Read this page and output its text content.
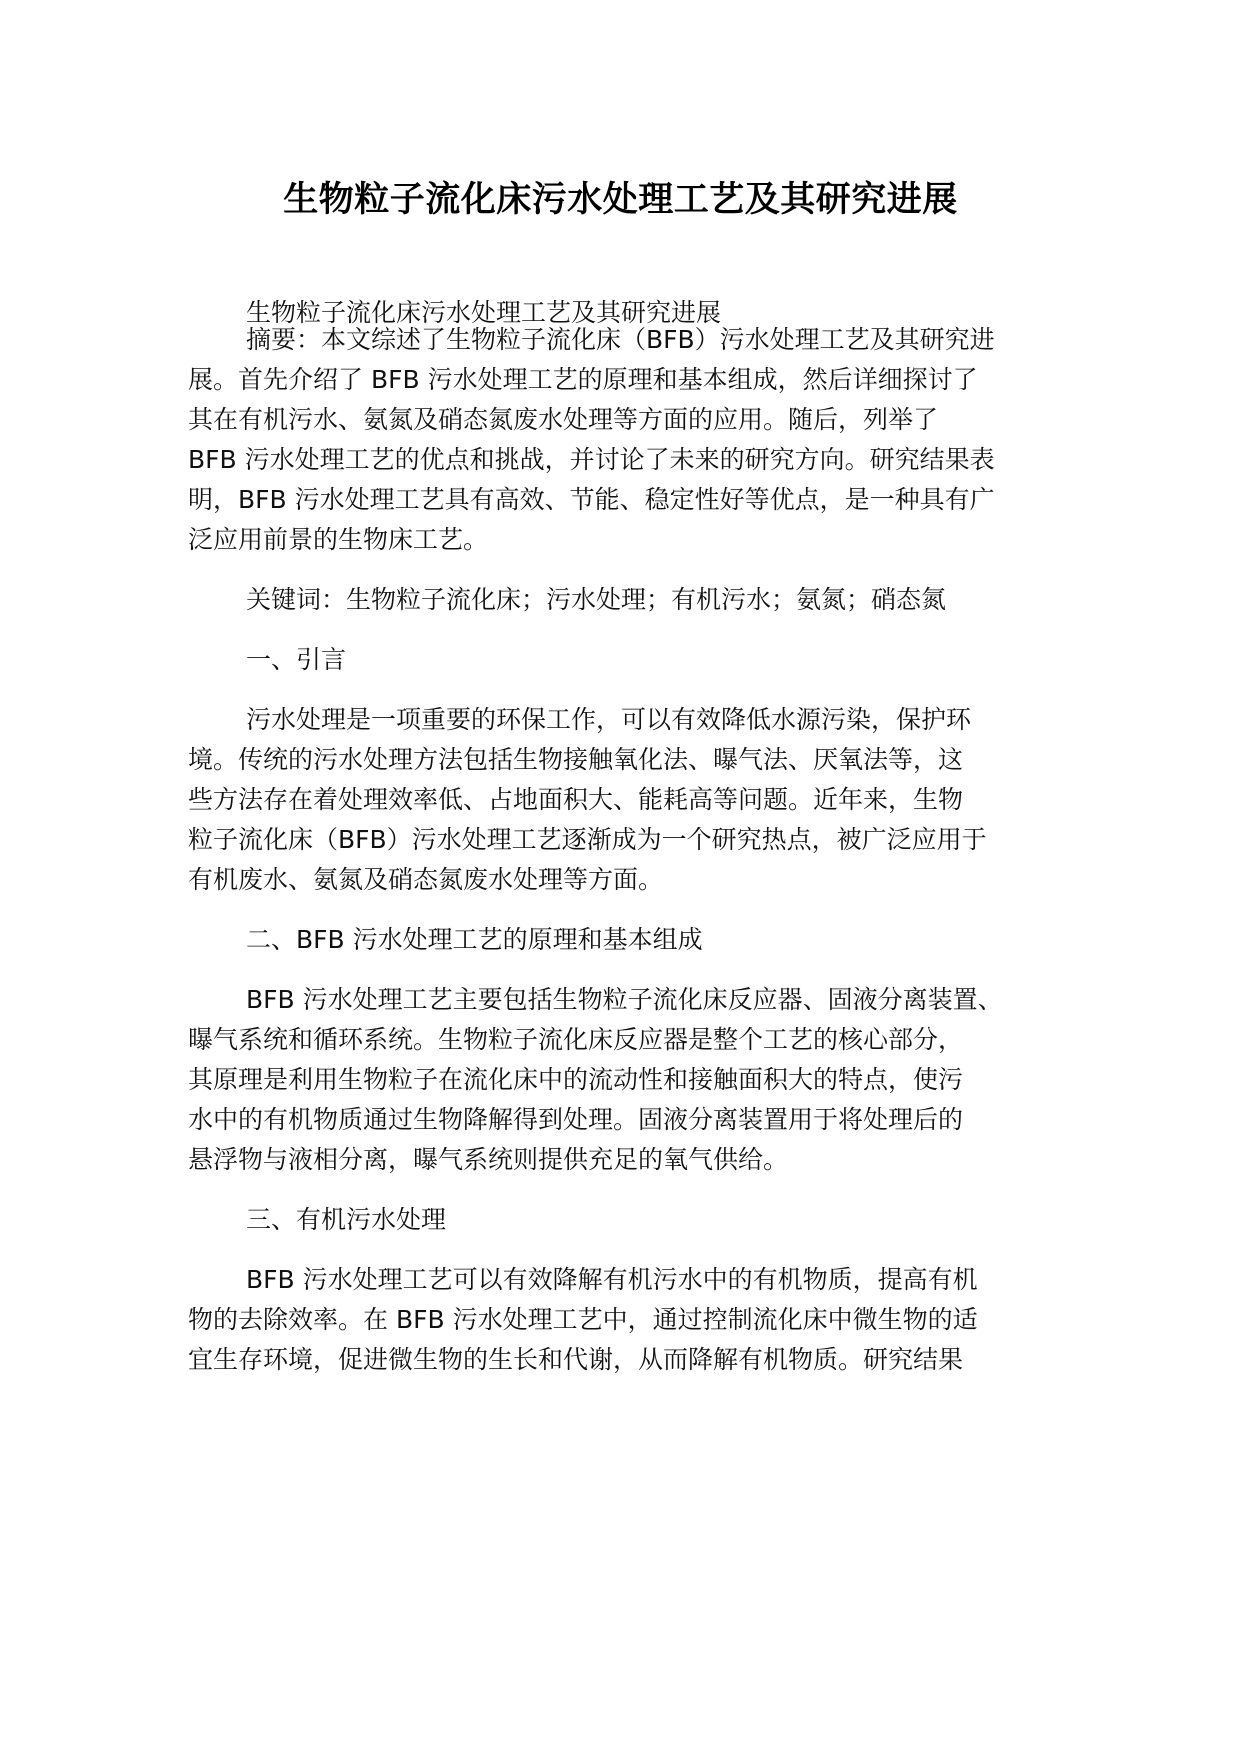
生物粒子流化床污水处理工艺及其研究进展

生物粒子流化床污水处理工艺及其研究进展

摘要：本文综述了生物粒子流化床（BFB）污水处理工艺及其研究进

展。首先介绍了 BFB 污水处理工艺的原理和基本组成，然后详细探讨了

其在有机污水、氨氮及硝态氮废水处理等方面的应用。随后，列举了

BFB 污水处理工艺的优点和挑战，并讨论了未来的研究方向。研究结果表

明，BFB 污水处理工艺具有高效、节能、稳定性好等优点，是一种具有广

泛应用前景的生物床工艺。

关键词：生物粒子流化床；污水处理；有机污水；氨氮；硝态氮

一、引言

污水处理是一项重要的环保工作，可以有效降低水源污染，保护环

境。传统的污水处理方法包括生物接触氧化法、曝气法、厌氧法等，这

些方法存在着处理效率低、占地面积大、能耗高等问题。近年来，生物

粒子流化床（BFB）污水处理工艺逐渐成为一个研究热点，被广泛应用于

有机废水、氨氮及硝态氮废水处理等方面。

二、BFB 污水处理工艺的原理和基本组成

BFB 污水处理工艺主要包括生物粒子流化床反应器、固液分离装置、

曝气系统和循环系统。生物粒子流化床反应器是整个工艺的核心部分，

其原理是利用生物粒子在流化床中的流动性和接触面积大的特点，使污

水中的有机物质通过生物降解得到处理。固液分离装置用于将处理后的

悬浮物与液相分离，曝气系统则提供充足的氧气供给。

三、有机污水处理

BFB 污水处理工艺可以有效降解有机污水中的有机物质，提高有机

物的去除效率。在 BFB 污水处理工艺中，通过控制流化床中微生物的适

宜生存环境，促进微生物的生长和代谢，从而降解有机物质。研究结果
